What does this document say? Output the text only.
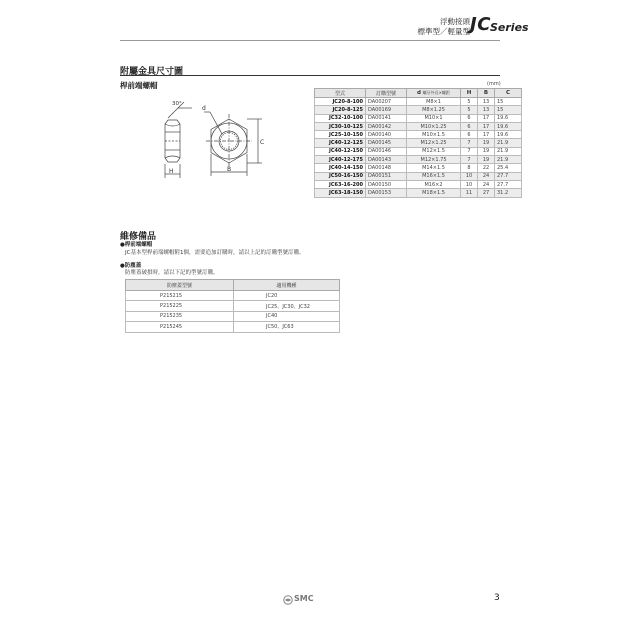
浮動接頭
標準型／輕量型 JC Series
附屬金具尺寸圖
桿前端螺帽
30°
d
C
H	B
(mm)
型式	訂購型號	d 螺牙外徑×螺距	H	B	C
JC20-8-100	DA00207	M8×1	5	13	15
JC20-8-125	DA00169	M8×1.25	5	13	15
JC32-10-100	DA00141	M10×1	6	17	19.6
JC30-10-125	DA00142	M10×1.25	6	17	19.6
JC25-10-150	DA00140	M10×1.5	6	17	19.6
JC40-12-125	DA00145	M12×1.25	7	19	21.9
JC40-12-150	DA00146	M12×1.5	7	19	21.9
JC40-12-175	DA00143	M12×1.75	7	19	21.9
JC40-14-150	DA00148	M14×1.5	8	22	25.4
JC50-16-150	DA00151	M16×1.5	10	24	27.7
JC63-16-200	DA00150	M16×2	10	24	27.7
JC63-18-150	DA00153	M18×1.5	11	27	31.2
維修備品
●桿前端螺帽
JC基本型桿前端螺帽附1個，需要追加訂購時，請以上記的訂購型號訂購。
●防塵蓋
防塵蓋破損時，請以下記的型號訂購。
防塵蓋型號	適用機種
P215215	JC20
P215225	JC25、JC30、JC32
P215235	JC40
P215245	JC50、JC63
SMC	3
